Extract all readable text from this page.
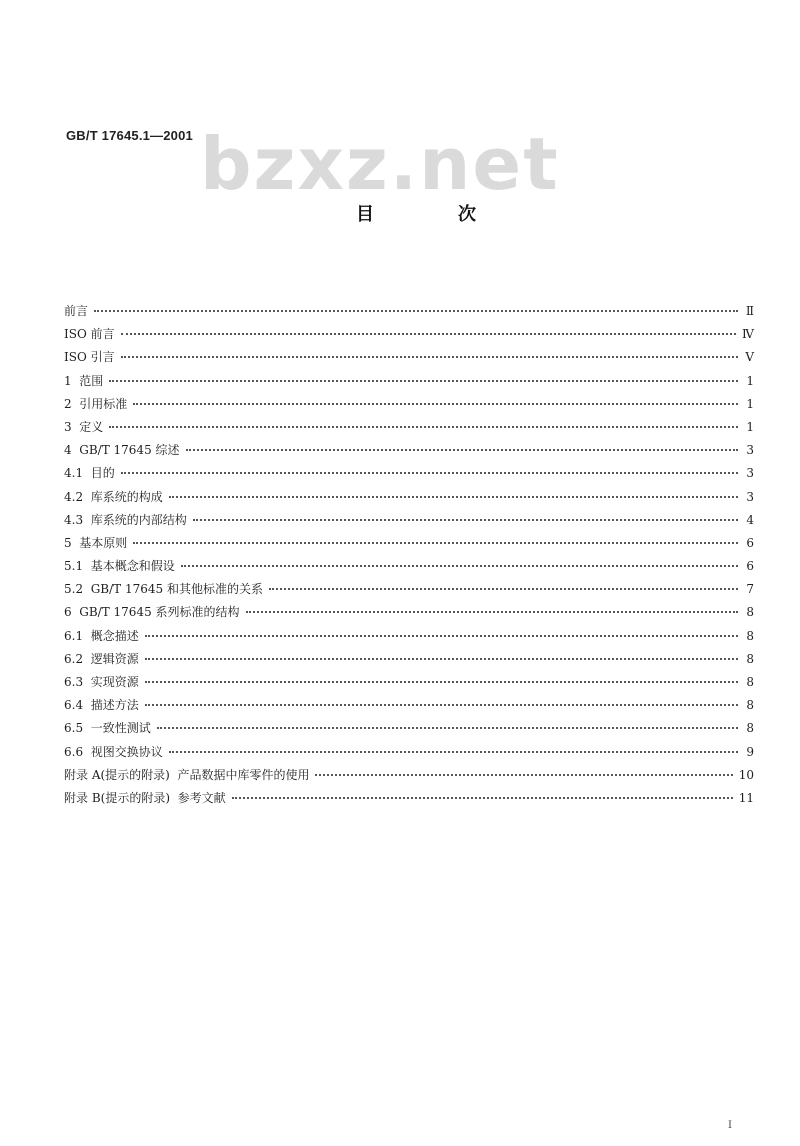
GB/T 17645.1—2001 bzxz.net
目	次
前言	Ⅱ
ISO 前言	Ⅳ
ISO 引言	Ⅴ
1  范围	1
2  引用标准	1
3  定义	1
4  GB/T 17645 综述	3
4.1  目的	3
4.2  库系统的构成	3
4.3  库系统的内部结构	4
5  基本原则	6
5.1  基本概念和假设	6
5.2  GB/T 17645 和其他标准的关系	7
6  GB/T 17645 系列标准的结构	8
6.1  概念描述	8
6.2  逻辑资源	8
6.3  实现资源	8
6.4  描述方法	8
6.5  一致性测试	8
6.6  视图交换协议	9
附录 A(提示的附录)  产品数据中库零件的使用	10
附录 B(提示的附录)  参考文献	11
Ⅰ
